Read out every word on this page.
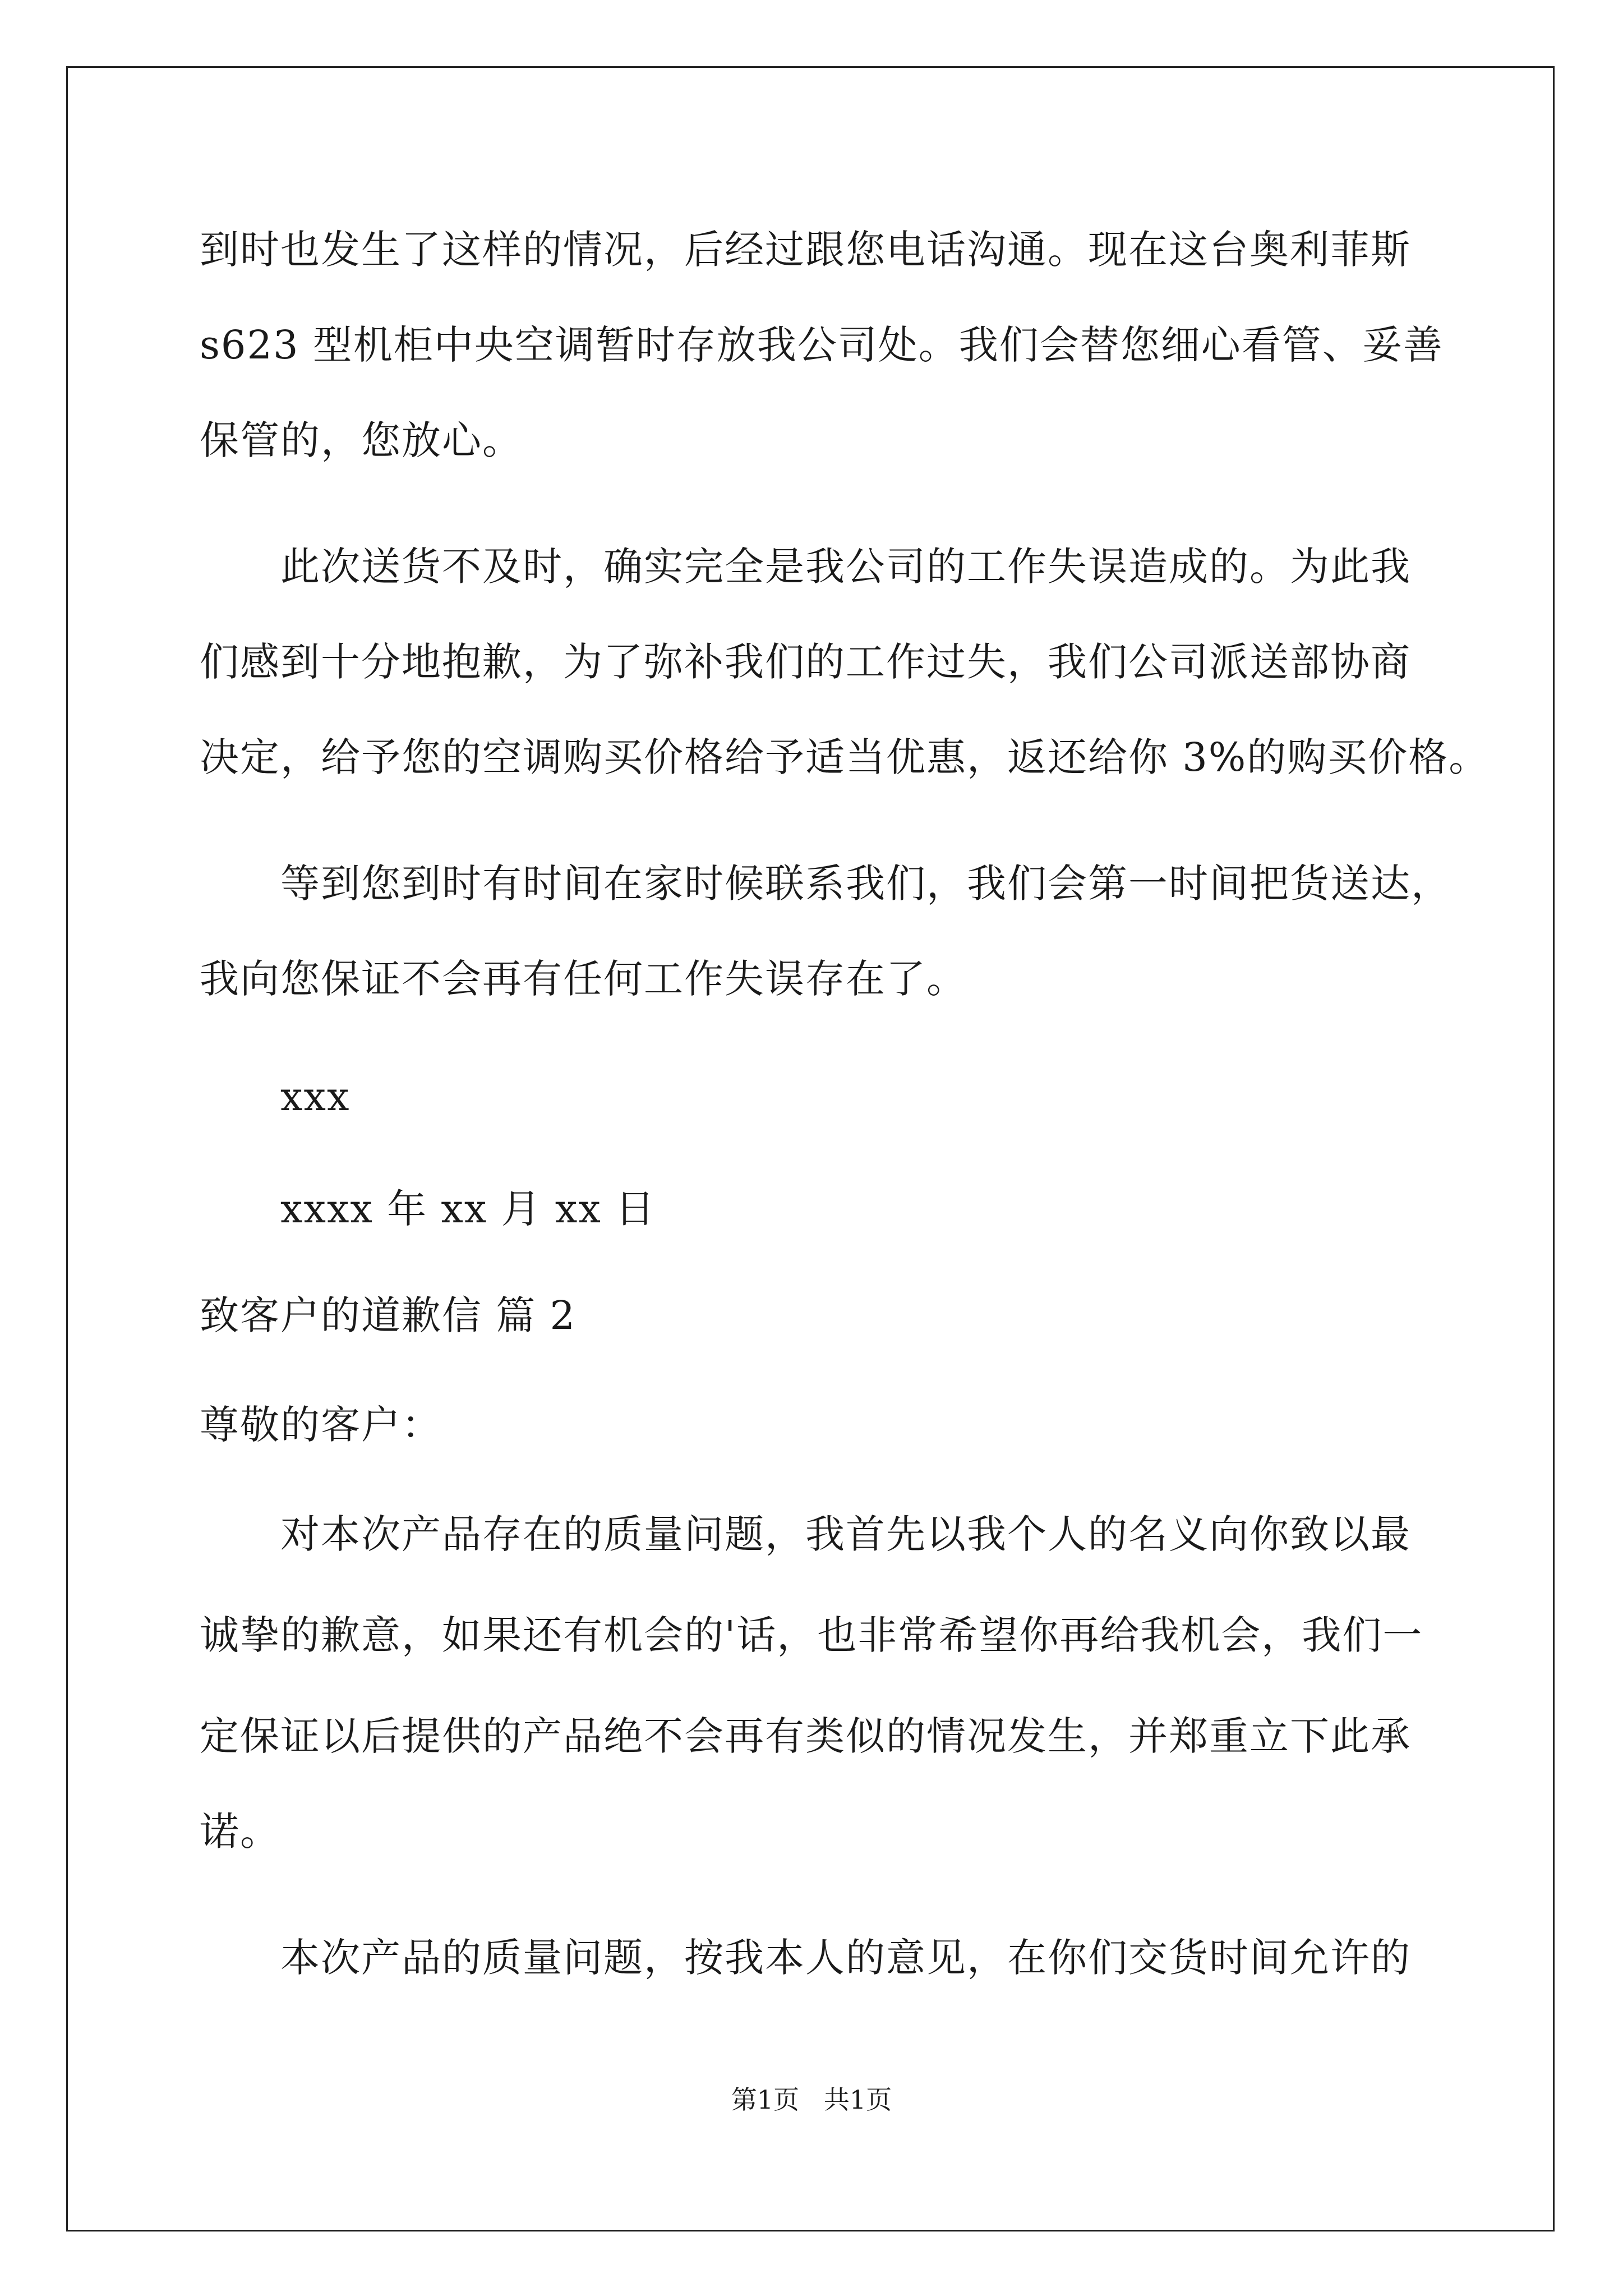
到时也发生了这样的情况，后经过跟您电话沟通。现在这台奥利菲斯
s623 型机柜中央空调暂时存放我公司处。我们会替您细心看管、妥善
保管的，您放心。
此次送货不及时，确实完全是我公司的工作失误造成的。为此我
们感到十分地抱歉，为了弥补我们的工作过失，我们公司派送部协商
决定，给予您的空调购买价格给予适当优惠，返还给你 3%的购买价格。
等到您到时有时间在家时候联系我们，我们会第一时间把货送达，
我向您保证不会再有任何工作失误存在了。
xxx
xxxx 年 xx 月 xx 日
致客户的道歉信 篇 2
尊敬的客户：
对本次产品存在的质量问题，我首先以我个人的名义向你致以最
诚挚的歉意，如果还有机会的'话，也非常希望你再给我机会，我们一
定保证以后提供的产品绝不会再有类似的情况发生，并郑重立下此承
诺。
本次产品的质量问题，按我本人的意见，在你们交货时间允许的
第1页   共1页
